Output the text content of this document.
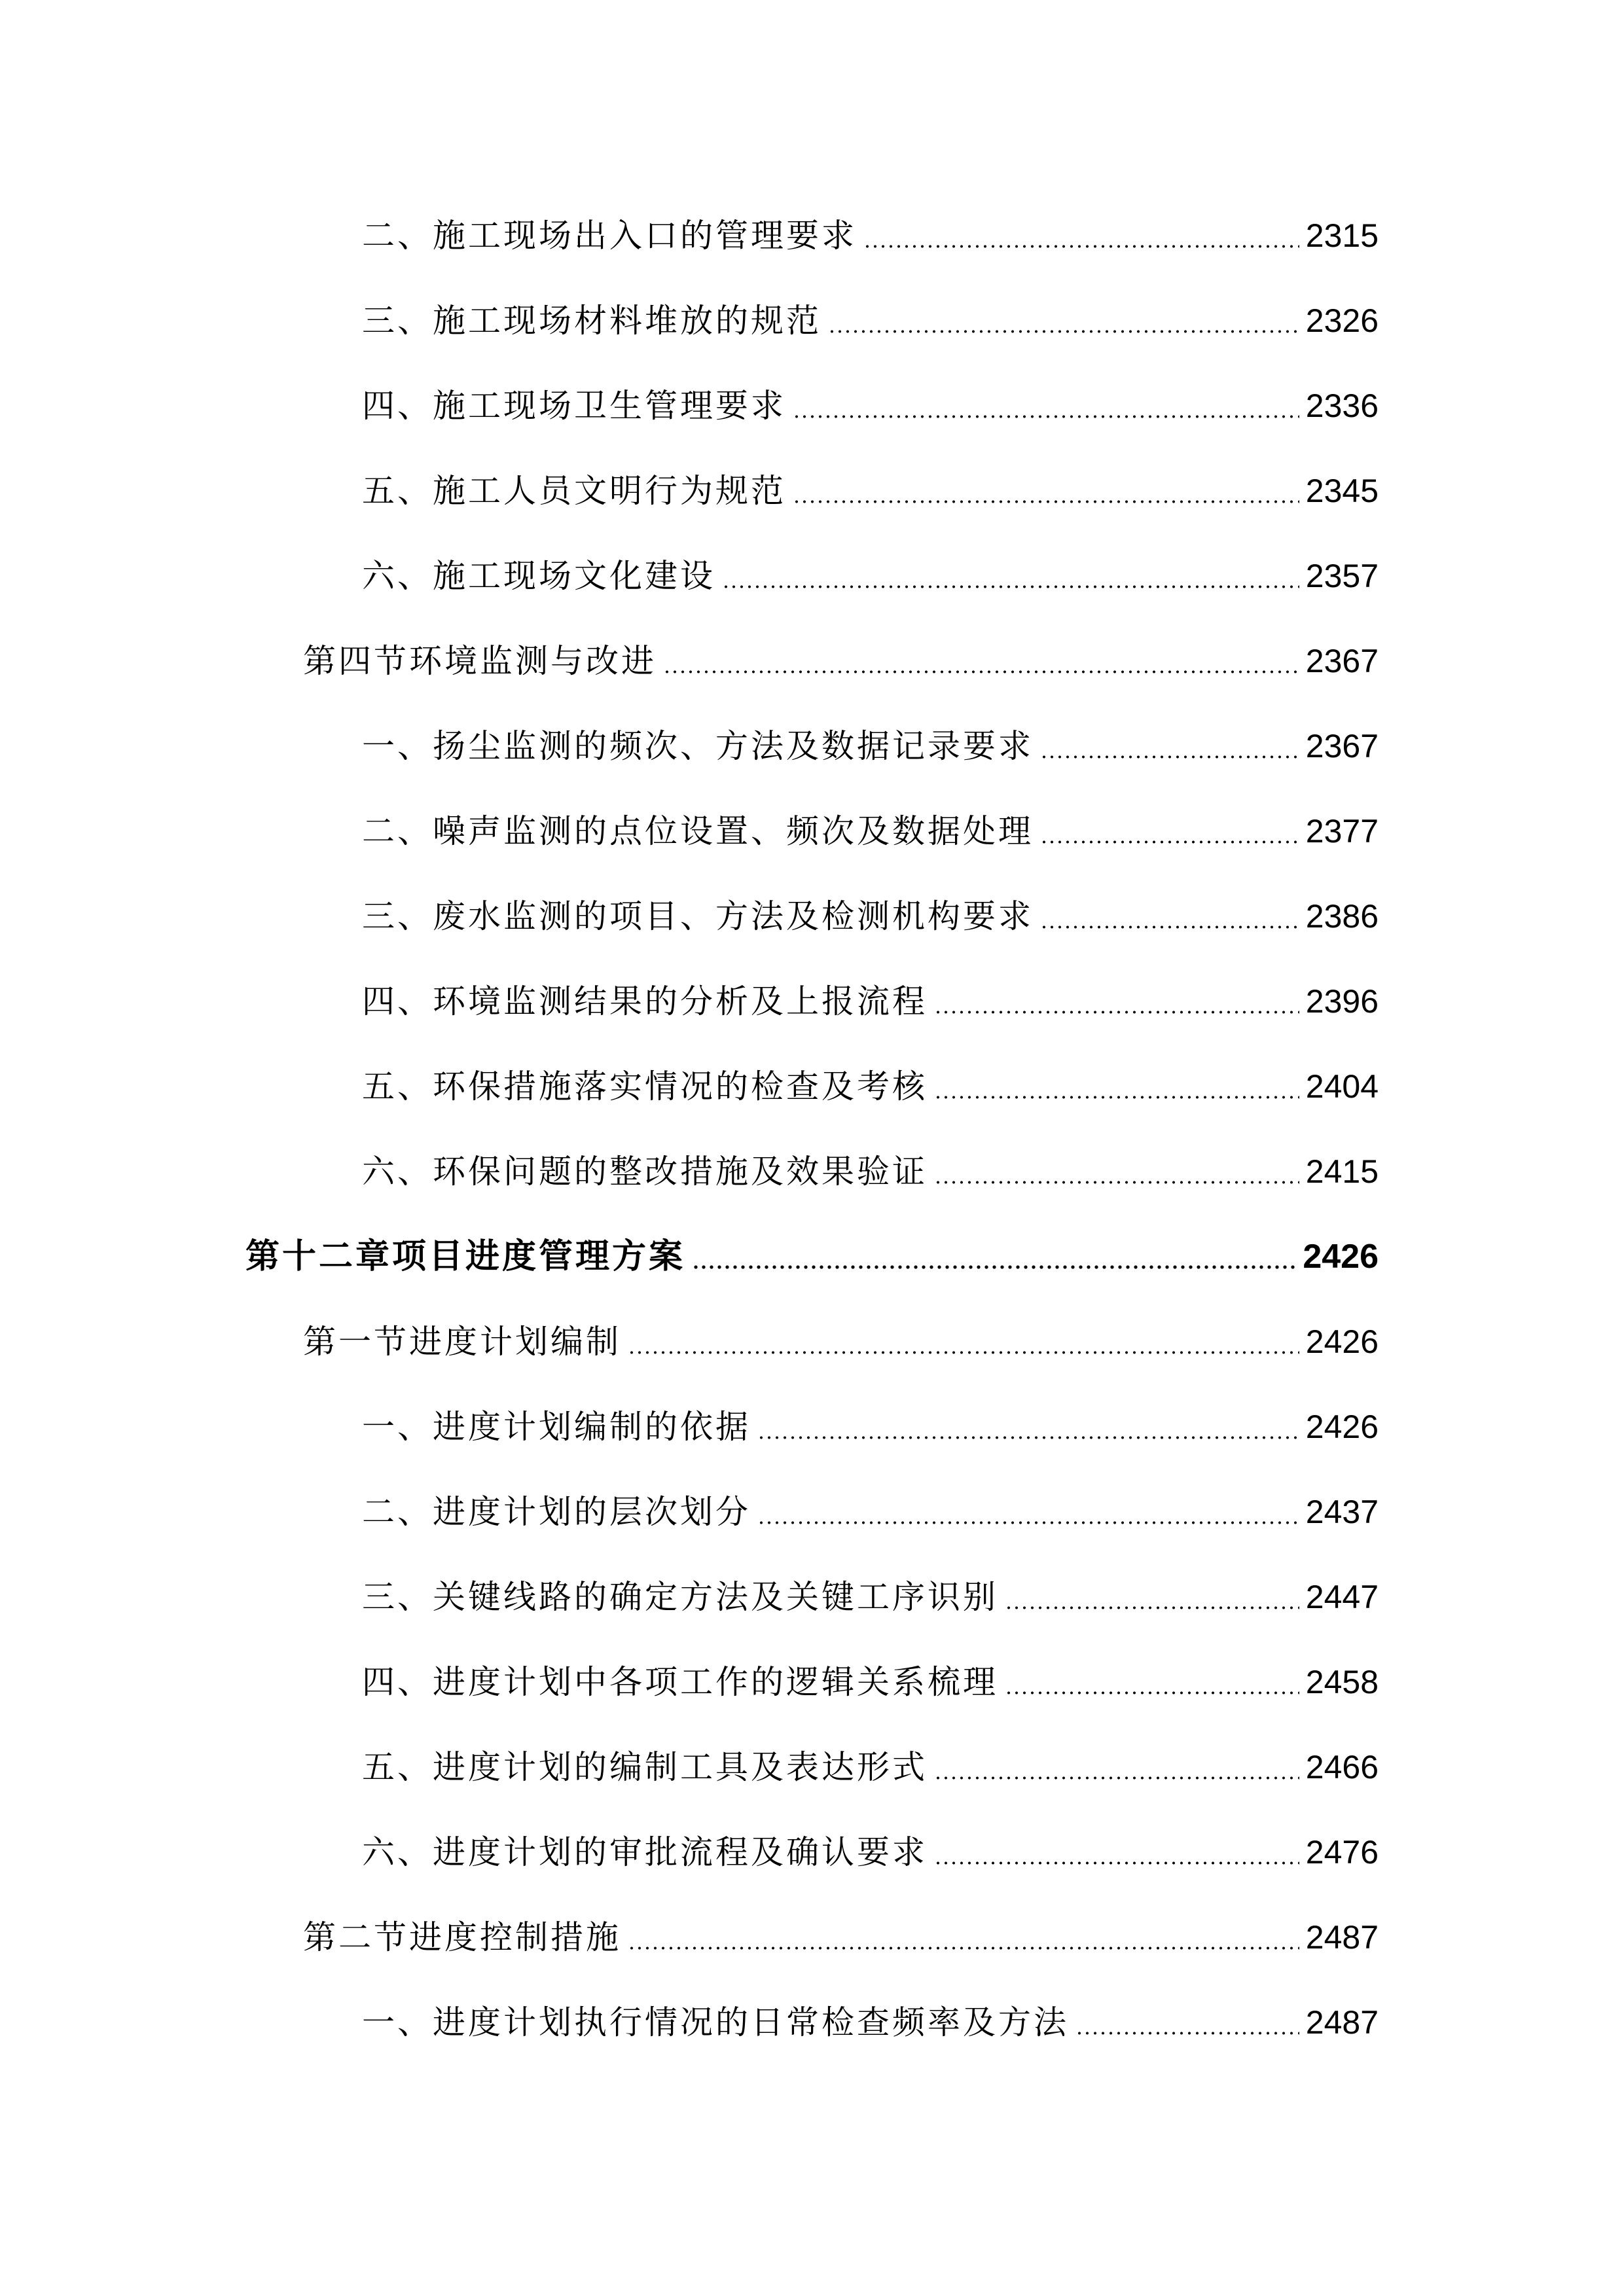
二、施工现场出入口的管理要求	2315
三、施工现场材料堆放的规范	2326
四、施工现场卫生管理要求	2336
五、施工人员文明行为规范	2345
六、施工现场文化建设	2357
第四节环境监测与改进	2367
一、扬尘监测的频次、方法及数据记录要求	2367
二、噪声监测的点位设置、频次及数据处理	2377
三、废水监测的项目、方法及检测机构要求	2386
四、环境监测结果的分析及上报流程	2396
五、环保措施落实情况的检查及考核	2404
六、环保问题的整改措施及效果验证	2415
第十二章项目进度管理方案	2426
第一节进度计划编制	2426
一、进度计划编制的依据	2426
二、进度计划的层次划分	2437
三、关键线路的确定方法及关键工序识别	2447
四、进度计划中各项工作的逻辑关系梳理	2458
五、进度计划的编制工具及表达形式	2466
六、进度计划的审批流程及确认要求	2476
第二节进度控制措施	2487
一、进度计划执行情况的日常检查频率及方法	2487
